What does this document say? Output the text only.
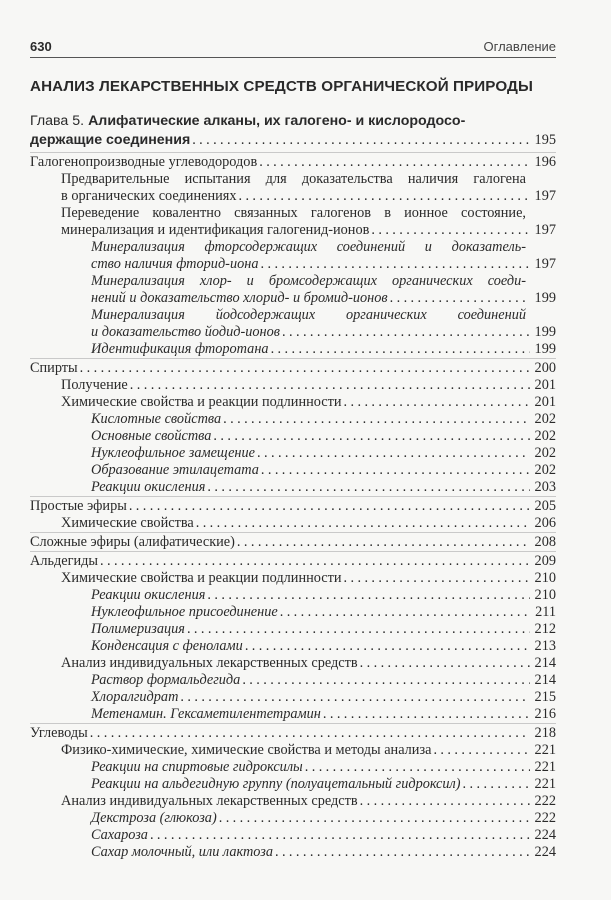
630	Оглавление
АНАЛИЗ ЛЕКАРСТВЕННЫХ СРЕДСТВ ОРГАНИЧЕСКОЙ ПРИРОДЫ
Глава 5. Алифатические алканы, их галогено- и кислородосо-
держащие соединения .....	195
Галогенопроизводные углеводородов .....	196
Предварительные испытания для доказательства наличия галогена
в органических соединениях .....	197
Переведение ковалентно связанных галогенов в ионное состояние,
минерализация и идентификация галогенид-ионов .....	197
Минерализация фторсодержащих соединений и доказатель-
ство наличия фторид-иона .....	197
Минерализация хлор- и бромсодержащих органических соеди-
нений и доказательство хлорид- и бромид-ионов .....	199
Минерализация йодсодержащих органических соединений
и доказательство йодид-ионов .....	199
Идентификация фторотана .....	199
Спирты .....	200
Получение .....	201
Химические свойства и реакции подлинности .....	201
Кислотные свойства .....	202
Основные свойства .....	202
Нуклеофильное замещение .....	202
Образование этилацетата .....	202
Реакции окисления .....	203
Простые эфиры .....	205
Химические свойства .....	206
Сложные эфиры (алифатические) .....	208
Альдегиды .....	209
Химические свойства и реакции подлинности .....	210
Реакции окисления .....	210
Нуклеофильное присоединение .....	211
Полимеризация .....	212
Конденсация с фенолами .....	213
Анализ индивидуальных лекарственных средств .....	214
Раствор формальдегида .....	214
Хлоралгидрат .....	215
Метенамин. Гексаметилентетрамин .....	216
Углеводы .....	218
Физико-химические, химические свойства и методы анализа .....	221
Реакции на спиртовые гидроксилы .....	221
Реакции на альдегидную группу (полуацетальный гидроксил) .....	221
Анализ индивидуальных лекарственных средств .....	222
Декстроза (глюкоза) .....	222
Сахароза .....	224
Сахар молочный, или лактоза .....	224
